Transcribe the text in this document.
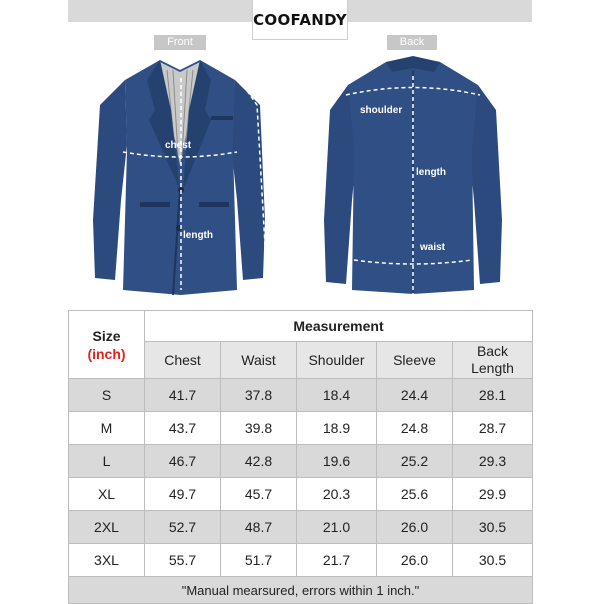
COOFANDY
Front	Back
chest
length
sleeve
shoulder
length
waist
Size
(inch)	Measurement				
	Chest	Waist	Shoulder	Sleeve	Back Length
S	41.7	37.8	18.4	24.4	28.1
M	43.7	39.8	18.9	24.8	28.7
L	46.7	42.8	19.6	25.2	29.3
XL	49.7	45.7	20.3	25.6	29.9
2XL	52.7	48.7	21.0	26.0	30.5
3XL	55.7	51.7	21.7	26.0	30.5
"Manual mearsured, errors within 1 inch."					
